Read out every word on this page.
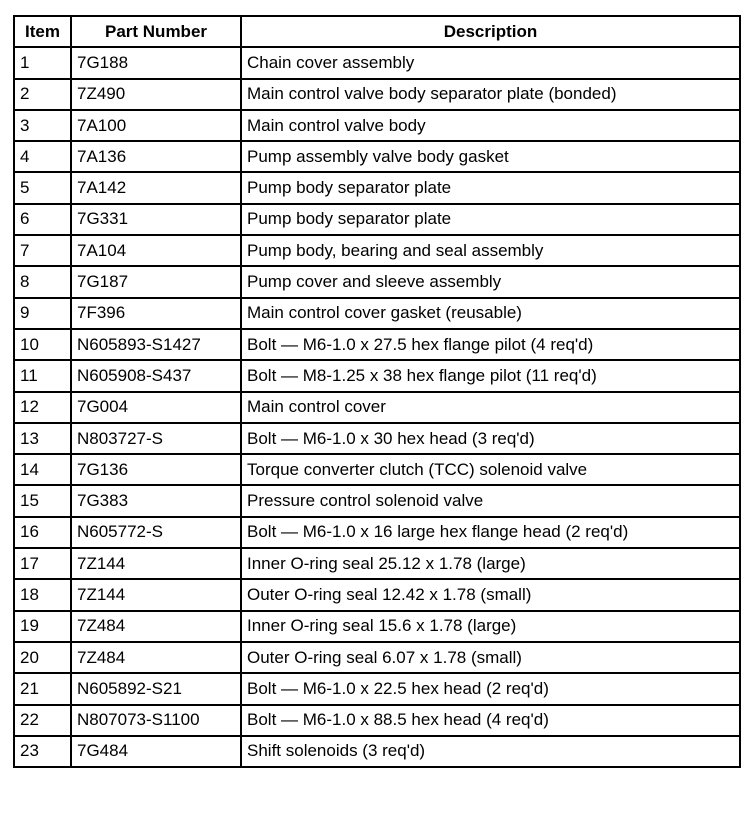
Item	Part Number	Description
1	7G188	Chain cover assembly
2	7Z490	Main control valve body separator plate (bonded)
3	7A100	Main control valve body
4	7A136	Pump assembly valve body gasket
5	7A142	Pump body separator plate
6	7G331	Pump body separator plate
7	7A104	Pump body, bearing and seal assembly
8	7G187	Pump cover and sleeve assembly
9	7F396	Main control cover gasket (reusable)
10	N605893-S1427	Bolt — M6-1.0 x 27.5 hex flange pilot (4 req'd)
11	N605908-S437	Bolt — M8-1.25 x 38 hex flange pilot (11 req'd)
12	7G004	Main control cover
13	N803727-S	Bolt — M6-1.0 x 30 hex head (3 req'd)
14	7G136	Torque converter clutch (TCC) solenoid valve
15	7G383	Pressure control solenoid valve
16	N605772-S	Bolt — M6-1.0 x 16 large hex flange head (2 req'd)
17	7Z144	Inner O-ring seal 25.12 x 1.78 (large)
18	7Z144	Outer O-ring seal 12.42 x 1.78 (small)
19	7Z484	Inner O-ring seal 15.6 x 1.78 (large)
20	7Z484	Outer O-ring seal 6.07 x 1.78 (small)
21	N605892-S21	Bolt — M6-1.0 x 22.5 hex head (2 req'd)
22	N807073-S1100	Bolt — M6-1.0 x 88.5 hex head (4 req'd)
23	7G484	Shift solenoids (3 req'd)
